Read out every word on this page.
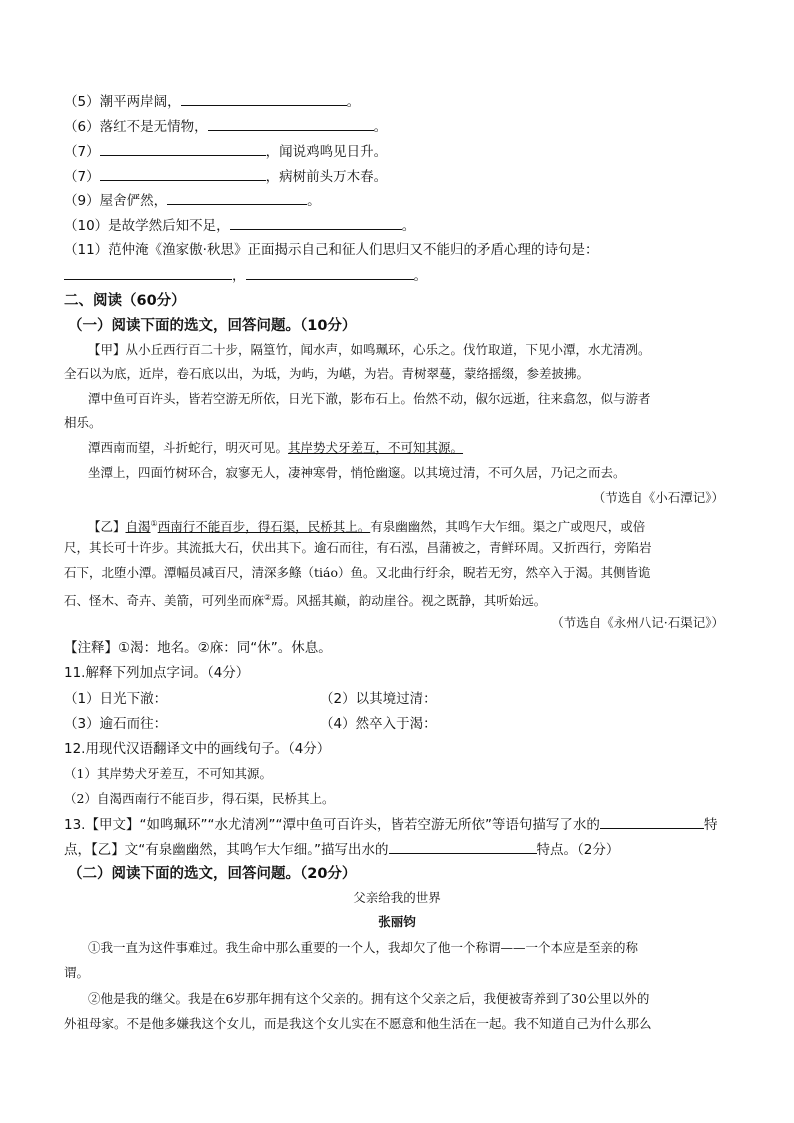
（5）潮平两岸阔，	。
（6）落红不是无情物，	。
（7）	，闻说鸡鸣见日升。
（7）	，病树前头万木春。
（9）屋舍俨然，	。
（10）是故学然后知不足，	。
（11）范仲淹《渔家傲·秋思》正面揭示自己和征人们思归又不能归的矛盾心理的诗句是：
，	。
二、阅读（60分）
（一）阅读下面的选文，回答问题。（10分）
【甲】从小丘西行百二十步，隔篁竹，闻水声，如鸣珮环，心乐之。伐竹取道，下见小潭，水尤清冽。
全石以为底，近岸，卷石底以出，为坻，为屿，为嵁，为岩。青树翠蔓，蒙络摇缀，参差披拂。
潭中鱼可百许头，皆若空游无所依，日光下澈，影布石上。佁然不动，俶尔远逝，往来翕忽，似与游者
相乐。
潭西南而望，斗折蛇行，明灭可见。其岸势犬牙差互，不可知其源。
坐潭上，四面竹树环合，寂寥无人，凄神寒骨，悄怆幽邃。以其境过清，不可久居，乃记之而去。
（节选自《小石潭记》）
【乙】自渴①西南行不能百步，得石渠，民桥其上。有泉幽幽然，其鸣乍大乍细。渠之广或咫尺，或倍
尺，其长可十许步。其流抵大石，伏出其下。逾石而往，有石泓，昌蒲被之，青鲜环周。又折西行，旁陷岩
石下，北堕小潭。潭幅员减百尺，清深多鲦（tiáo）鱼。又北曲行纡余，睨若无穷，然卒入于渴。其侧皆诡
石、怪木、奇卉、美箭，可列坐而庥②焉。风摇其巅，韵动崖谷。视之既静，其听始远。
（节选自《永州八记·石渠记》）
【注释】①渴：地名。②庥：同“休”。休息。
11.解释下列加点字词。（4分）
（1）日光下澈：	（2）以其境过清：
（3）逾石而往：	（4）然卒入于渴：
12.用现代汉语翻译文中的画线句子。（4分）
（1）其岸势犬牙差互，不可知其源。
（2）自渴西南行不能百步，得石渠，民桥其上。
13.【甲文】“如鸣珮环”“水尤清冽”“潭中鱼可百许头，皆若空游无所依”等语句描写了水的	特
点，【乙】文“有泉幽幽然，其鸣乍大乍细。”描写出水的	特点。（2分）
（二）阅读下面的选文，回答问题。（20分）
父亲给我的世界
张丽钧
①我一直为这件事难过。我生命中那么重要的一个人，我却欠了他一个称谓——一个本应是至亲的称
谓。
②他是我的继父。我是在6岁那年拥有这个父亲的。拥有这个父亲之后，我便被寄养到了30公里以外的
外祖母家。不是他多嫌我这个女儿，而是我这个女儿实在不愿意和他生活在一起。我不知道自己为什么那么
